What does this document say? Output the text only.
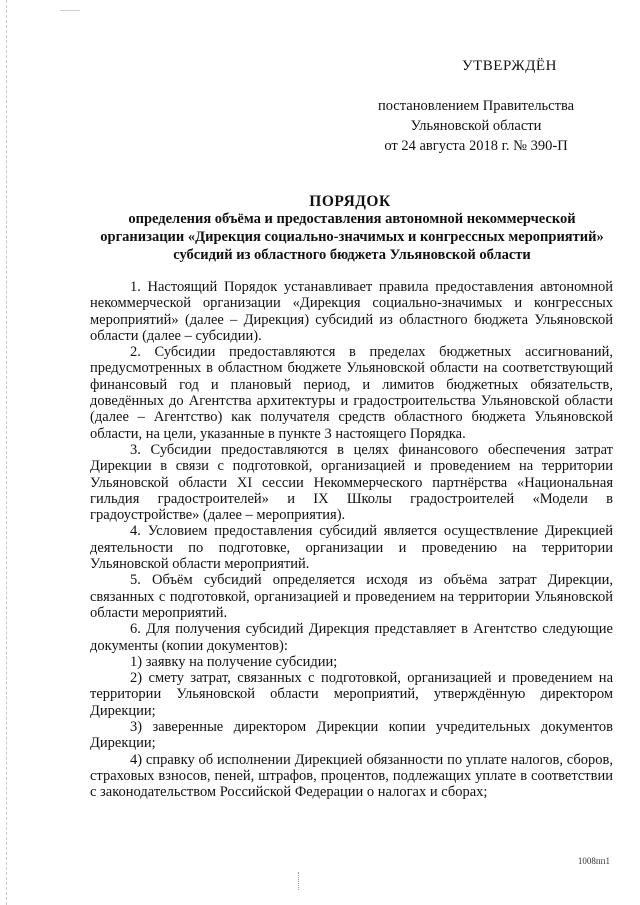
УТВЕРЖДЁН
постановлением Правительства
Ульяновской области
от 24 августа 2018 г. № 390-П
ПОРЯДОК
определения объёма и предоставления автономной некоммерческой организации «Дирекция социально-значимых и конгрессных мероприятий» субсидий из областного бюджета Ульяновской области

1. Настоящий Порядок устанавливает правила предоставления автономной некоммерческой организации «Дирекция социально-значимых и конгрессных мероприятий» (далее – Дирекция) субсидий из областного бюджета Ульяновской области (далее – субсидии).

2. Субсидии предоставляются в пределах бюджетных ассигнований, предусмотренных в областном бюджете Ульяновской области на соответствующий финансовый год и плановый период, и лимитов бюджетных обязательств, доведённых до Агентства архитектуры и градостроительства Ульяновской области (далее – Агентство) как получателя средств областного бюджета Ульяновской области, на цели, указанные в пункте 3 настоящего Порядка.

3. Субсидии предоставляются в целях финансового обеспечения затрат Дирекции в связи с подготовкой, организацией и проведением на территории Ульяновской области XI сессии Некоммерческого партнёрства «Национальная гильдия градостроителей» и IX Школы градостроителей «Модели в градоустройстве» (далее – мероприятия).

4. Условием предоставления субсидий является осуществление Дирекцией деятельности по подготовке, организации и проведению на территории Ульяновской области мероприятий.

5. Объём субсидий определяется исходя из объёма затрат Дирекции, связанных с подготовкой, организацией и проведением на территории Ульяновской области мероприятий.

6. Для получения субсидий Дирекция представляет в Агентство следующие документы (копии документов):

1) заявку на получение субсидии;

2) смету затрат, связанных с подготовкой, организацией и проведением на территории Ульяновской области мероприятий, утверждённую директором Дирекции;

3) заверенные директором Дирекции копии учредительных документов Дирекции;

4) справку об исполнении Дирекцией обязанности по уплате налогов, сборов, страховых взносов, пеней, штрафов, процентов, подлежащих уплате в соответствии с законодательством Российской Федерации о налогах и сборах;

1008пп1
